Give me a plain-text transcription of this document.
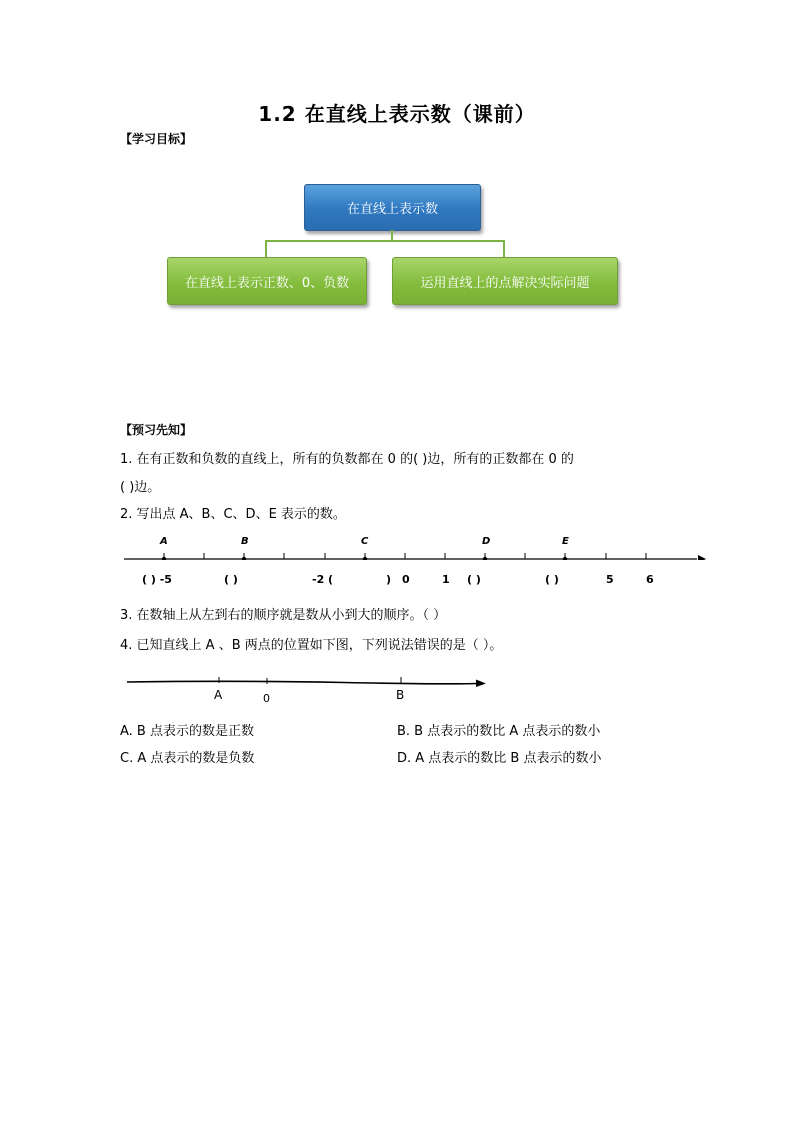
1.2 在直线上表示数（课前）
【学习目标】
在直线上表示数
在直线上表示正数、0、负数	运用直线上的点解决实际问题
【预习先知】
1. 在有正数和负数的直线上，所有的负数都在 0 的( )边，所有的正数都在 0 的
( )边。
2. 写出点 A、B、C、D、E 表示的数。
A	B	C	D	E
( ) -5	( )	-2 (	) 0	1 ( )	( )	5	6
3. 在数轴上从左到右的顺序就是数从小到大的顺序。（ ）
4. 已知直线上 A 、B 两点的位置如下图，下列说法错误的是（ ）。
A	0	B
A. B 点表示的数是正数	B. B 点表示的数比 A 点表示的数小
C. A 点表示的数是负数	D. A 点表示的数比 B 点表示的数小
